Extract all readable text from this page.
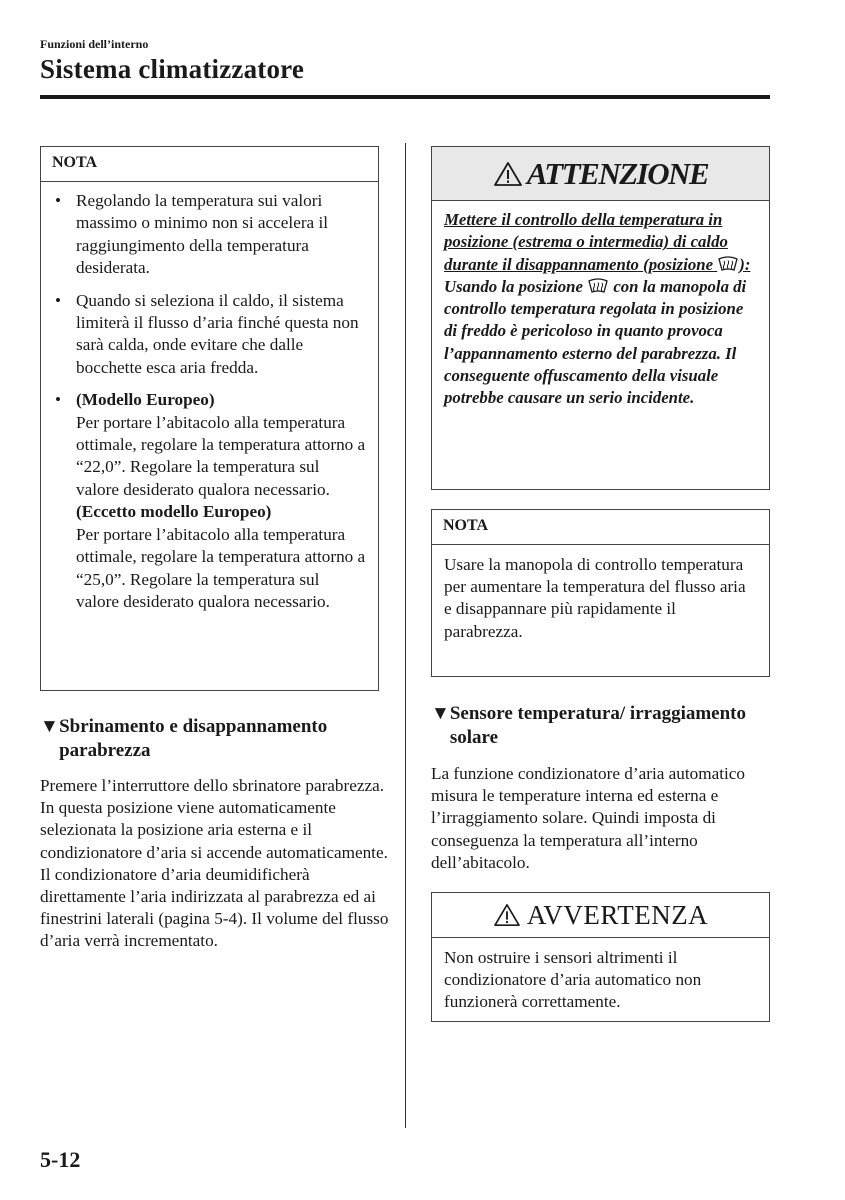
Funzioni dell’interno
Sistema climatizzatore
NOTA
• Regolando la temperatura sui valori massimo o minimo non si accelera il raggiungimento della temperatura desiderata.
• Quando si seleziona il caldo, il sistema limiterà il flusso d’aria finché questa non sarà calda, onde evitare che dalle bocchette esca aria fredda.
• (Modello Europeo)
Per portare l’abitacolo alla temperatura ottimale, regolare la temperatura attorno a “22,0”. Regolare la temperatura sul valore desiderato qualora necessario.
(Eccetto modello Europeo)
Per portare l’abitacolo alla temperatura ottimale, regolare la temperatura attorno a “25,0”. Regolare la temperatura sul valore desiderato qualora necessario.
▼ Sbrinamento e disappannamento parabrezza
Premere l’interruttore dello sbrinatore parabrezza.
In questa posizione viene automaticamente selezionata la posizione aria esterna e il condizionatore d’aria si accende automaticamente. Il condizionatore d’aria deumidificherà direttamente l’aria indirizzata al parabrezza ed ai finestrini laterali (pagina 5-4). Il volume del flusso d’aria verrà incrementato.
ATTENZIONE
Mettere il controllo della temperatura in posizione (estrema o intermedia) di caldo durante il disappannamento (posizione ):
Usando la posizione con la manopola di controllo temperatura regolata in posizione di freddo è pericoloso in quanto provoca l’appannamento esterno del parabrezza. Il conseguente offuscamento della visuale potrebbe causare un serio incidente.
NOTA
Usare la manopola di controllo temperatura per aumentare la temperatura del flusso aria e disappannare più rapidamente il parabrezza.
▼ Sensore temperatura/ irraggiamento solare
La funzione condizionatore d’aria automatico misura le temperature interna ed esterna e l’irraggiamento solare. Quindi imposta di conseguenza la temperatura all’interno dell’abitacolo.
AVVERTENZA
Non ostruire i sensori altrimenti il condizionatore d’aria automatico non funzionerà correttamente.
5-12
